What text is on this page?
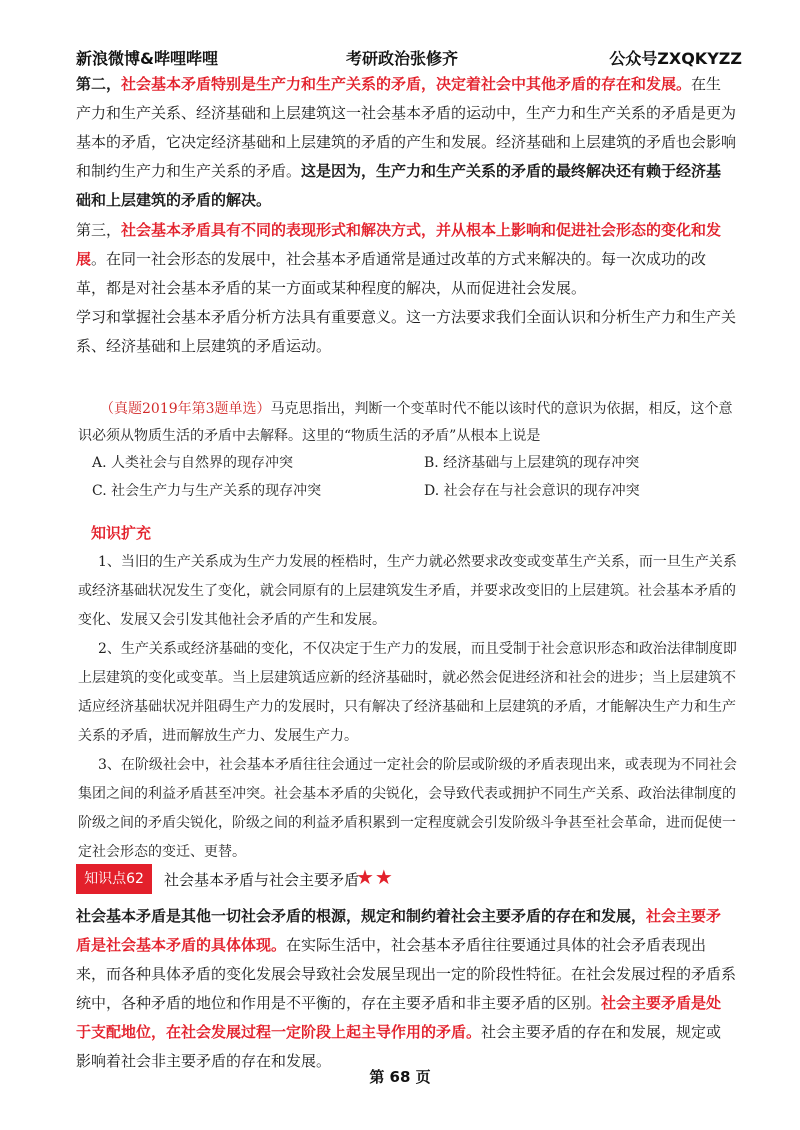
新浪微博&哔哩哔哩	考研政治张修齐	公众号ZXQKYZZ
第二，社会基本矛盾特别是生产力和生产关系的矛盾，决定着社会中其他矛盾的存在和发展。在生产力和生产关系、经济基础和上层建筑这一社会基本矛盾的运动中，生产力和生产关系的矛盾是更为基本的矛盾，它决定经济基础和上层建筑的矛盾的产生和发展。经济基础和上层建筑的矛盾也会影响和制约生产力和生产关系的矛盾。这是因为，生产力和生产关系的矛盾的最终解决还有赖于经济基础和上层建筑的矛盾的解决。
第三，社会基本矛盾具有不同的表现形式和解决方式，并从根本上影响和促进社会形态的变化和发展。在同一社会形态的发展中，社会基本矛盾通常是通过改革的方式来解决的。每一次成功的改革，都是对社会基本矛盾的某一方面或某种程度的解决，从而促进社会发展。
学习和掌握社会基本矛盾分析方法具有重要意义。这一方法要求我们全面认识和分析生产力和生产关系、经济基础和上层建筑的矛盾运动。

（真题2019年第3题单选）马克思指出，判断一个变革时代不能以该时代的意识为依据，相反，这个意识必须从物质生活的矛盾中去解释。这里的“物质生活的矛盾”从根本上说是

A. 人类社会与自然界的现存冲突	B. 经济基础与上层建筑的现存冲突
C. 社会生产力与生产关系的现存冲突	D. 社会存在与社会意识的现存冲突
知识扩充

1、当旧的生产关系成为生产力发展的桎梏时，生产力就必然要求改变或变革生产关系，而一旦生产关系或经济基础状况发生了变化，就会同原有的上层建筑发生矛盾，并要求改变旧的上层建筑。社会基本矛盾的变化、发展又会引发其他社会矛盾的产生和发展。

2、生产关系或经济基础的变化，不仅决定于生产力的发展，而且受制于社会意识形态和政治法律制度即上层建筑的变化或变革。当上层建筑适应新的经济基础时，就必然会促进经济和社会的进步；当上层建筑不适应经济基础状况并阻碍生产力的发展时，只有解决了经济基础和上层建筑的矛盾，才能解决生产力和生产关系的矛盾，进而解放生产力、发展生产力。

3、在阶级社会中，社会基本矛盾往往会通过一定社会的阶层或阶级的矛盾表现出来，或表现为不同社会集团之间的利益矛盾甚至冲突。社会基本矛盾的尖锐化，会导致代表或拥护不同生产关系、政治法律制度的阶级之间的矛盾尖锐化，阶级之间的利益矛盾积累到一定程度就会引发阶级斗争甚至社会革命，进而促使一定社会形态的变迁、更替。

知识点62	社会基本矛盾与社会主要矛盾
★★
社会基本矛盾是其他一切社会矛盾的根源，规定和制约着社会主要矛盾的存在和发展，社会主要矛盾是社会基本矛盾的具体体现。在实际生活中，社会基本矛盾往往要通过具体的社会矛盾表现出来，而各种具体矛盾的变化发展会导致社会发展呈现出一定的阶段性特征。在社会发展过程的矛盾系统中，各种矛盾的地位和作用是不平衡的，存在主要矛盾和非主要矛盾的区别。社会主要矛盾是处于支配地位，在社会发展过程一定阶段上起主导作用的矛盾。社会主要矛盾的存在和发展，规定或影响着社会非主要矛盾的存在和发展。
第 68 页
